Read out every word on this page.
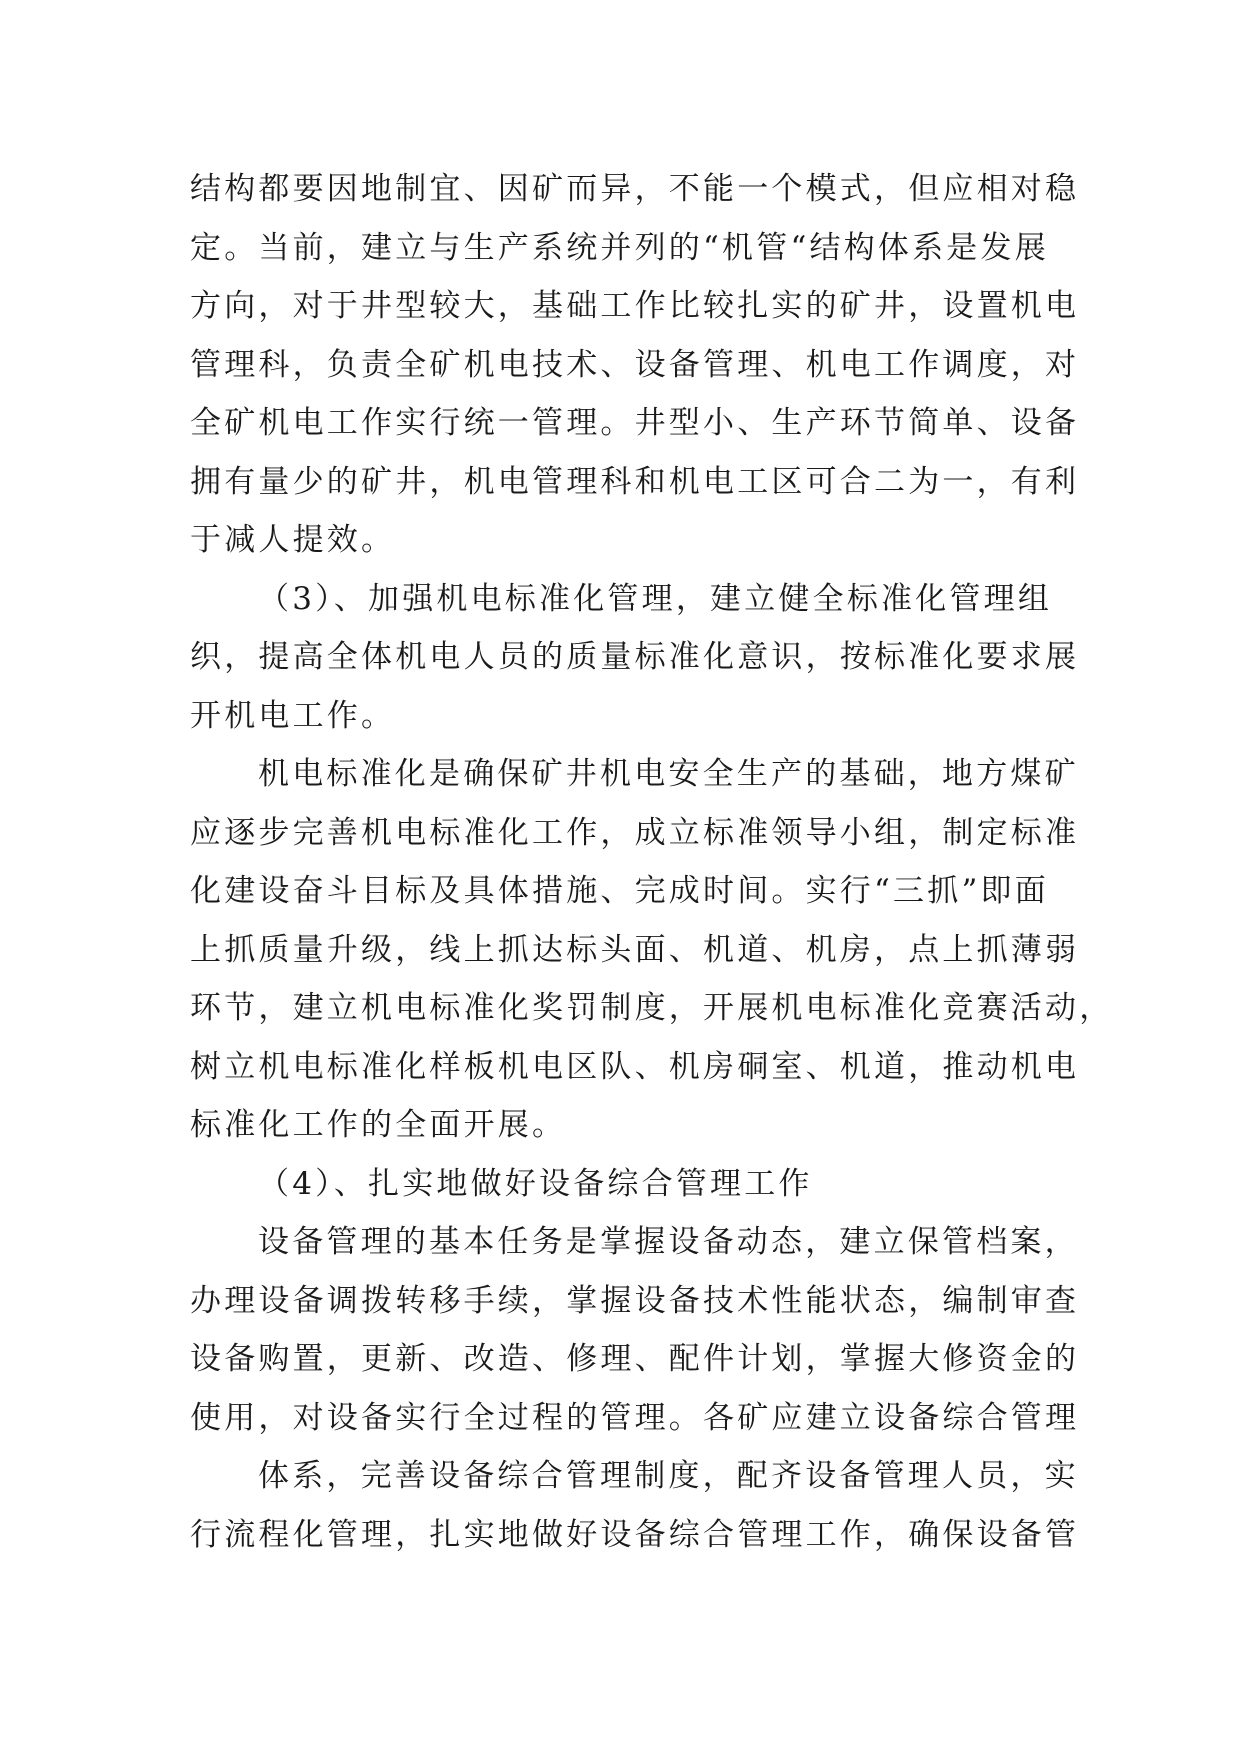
结构都要因地制宜、因矿而异，不能一个模式，但应相对稳
定。当前，建立与生产系统并列的“机管“结构体系是发展
方向，对于井型较大，基础工作比较扎实的矿井，设置机电
管理科，负责全矿机电技术、设备管理、机电工作调度，对
全矿机电工作实行统一管理。井型小、生产环节简单、设备
拥有量少的矿井，机电管理科和机电工区可合二为一，有利
于减人提效。
（3）、加强机电标准化管理，建立健全标准化管理组
织，提高全体机电人员的质量标准化意识，按标准化要求展
开机电工作。
机电标准化是确保矿井机电安全生产的基础，地方煤矿
应逐步完善机电标准化工作，成立标准领导小组，制定标准
化建设奋斗目标及具体措施、完成时间。实行“三抓”即面
上抓质量升级，线上抓达标头面、机道、机房，点上抓薄弱
环节，建立机电标准化奖罚制度，开展机电标准化竞赛活动，
树立机电标准化样板机电区队、机房硐室、机道，推动机电
标准化工作的全面开展。
（4）、扎实地做好设备综合管理工作
设备管理的基本任务是掌握设备动态，建立保管档案，
办理设备调拨转移手续，掌握设备技术性能状态，编制审查
设备购置，更新、改造、修理、配件计划，掌握大修资金的
使用，对设备实行全过程的管理。各矿应建立设备综合管理
体系，完善设备综合管理制度，配齐设备管理人员，实
行流程化管理，扎实地做好设备综合管理工作，确保设备管
